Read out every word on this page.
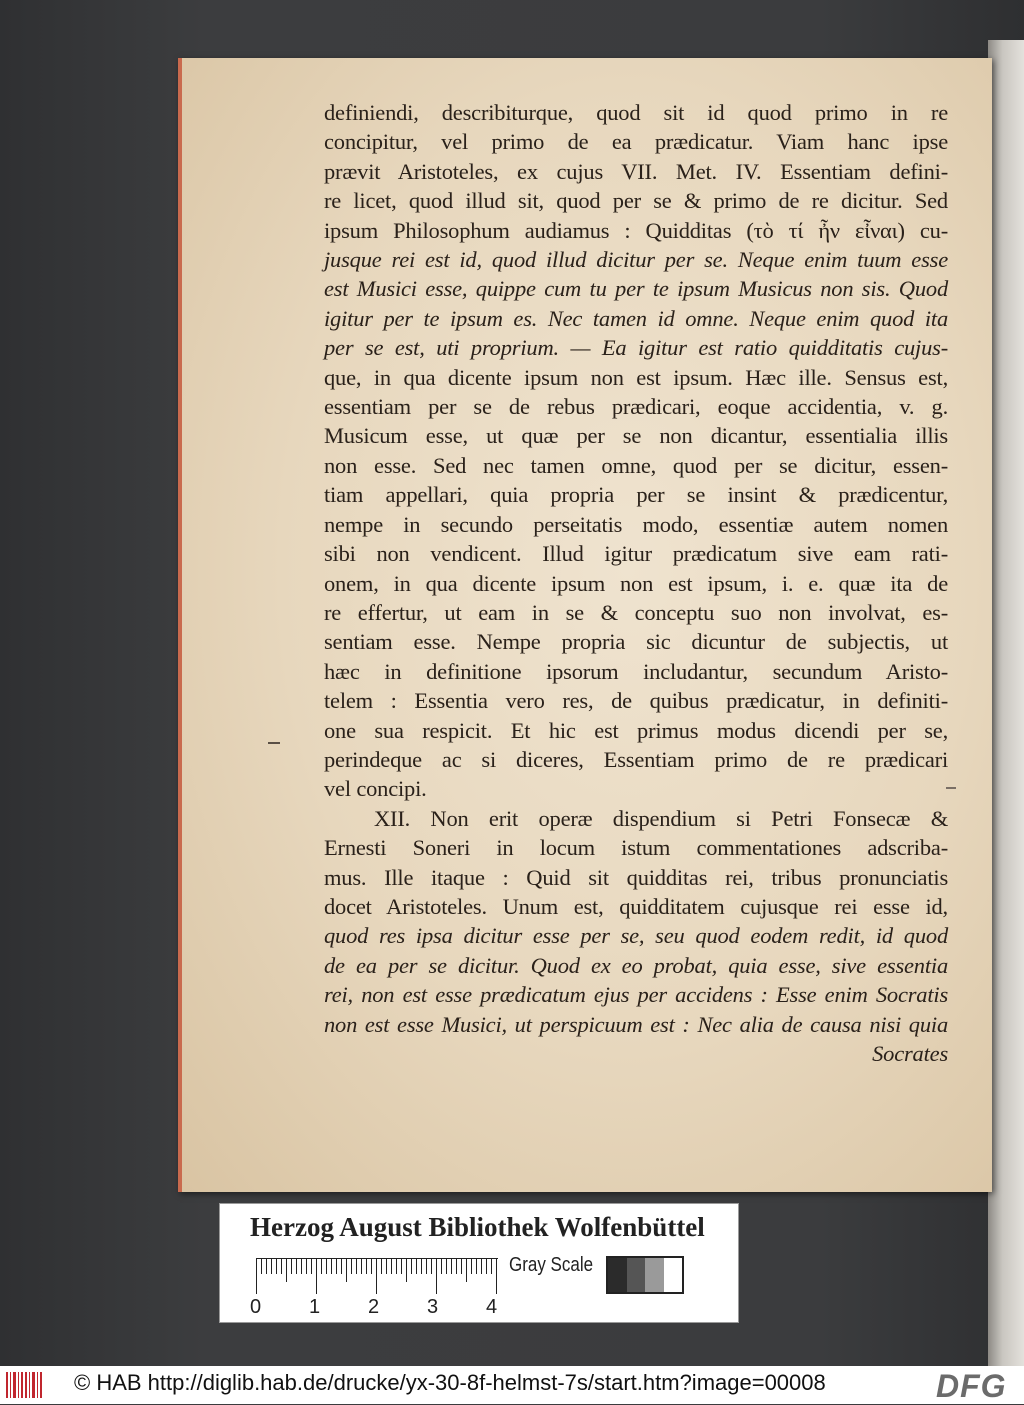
definiendi, describiturque, quod sit id quod primo in re
concipitur, vel primo de ea prædicatur. Viam hanc ipse
prævit Aristoteles, ex cujus VII. Met. IV. Essentiam defini-
re licet, quod illud sit, quod per se & primo de re dicitur. Sed
ipsum Philosophum audiamus : Quidditas (τὸ τί ἦν εἶναι) cu-
jusque rei est id, quod illud dicitur per se. Neque enim tuum esse
est Musici esse, quippe cum tu per te ipsum Musicus non sis. Quod
igitur per te ipsum es. Nec tamen id omne. Neque enim quod ita
per se est, uti proprium. — Ea igitur est ratio quidditatis cujus-
que, in qua dicente ipsum non est ipsum. Hæc ille. Sensus est,
essentiam per se de rebus prædicari, eoque accidentia, v. g.
Musicum esse, ut quæ per se non dicantur, essentialia illis
non esse. Sed nec tamen omne, quod per se dicitur, essen-
tiam appellari, quia propria per se insint & prædicentur,
nempe in secundo perseitatis modo, essentiæ autem nomen
sibi non vendicent. Illud igitur prædicatum sive eam rati-
onem, in qua dicente ipsum non est ipsum, i. e. quæ ita de
re effertur, ut eam in se & conceptu suo non involvat, es-
sentiam esse. Nempe propria sic dicuntur de subjectis, ut
hæc in definitione ipsorum includantur, secundum Aristo-
telem : Essentia vero res, de quibus prædicatur, in definiti-
one sua respicit. Et hic est primus modus dicendi per se,
perindeque ac si diceres, Essentiam primo de re prædicari
vel concipi.
XII. Non erit operæ dispendium si Petri Fonsecæ &
Ernesti Soneri in locum istum commentationes adscriba-
mus. Ille itaque : Quid sit quidditas rei, tribus pronunciatis
docet Aristoteles. Unum est, quidditatem cujusque rei esse id,
quod res ipsa dicitur esse per se, seu quod eodem redit, id quod
de ea per se dicitur. Quod ex eo probat, quia esse, sive essentia
rei, non est esse prædicatum ejus per accidens : Esse enim Socratis
non est esse Musici, ut perspicuum est : Nec alia de causa nisi quia
Socrates
Herzog August Bibliothek Wolfenbüttel
0 1 2 3 4
Gray Scale
© HAB http://diglib.hab.de/drucke/yx-30-8f-helmst-7s/start.htm?image=00008	DFG
